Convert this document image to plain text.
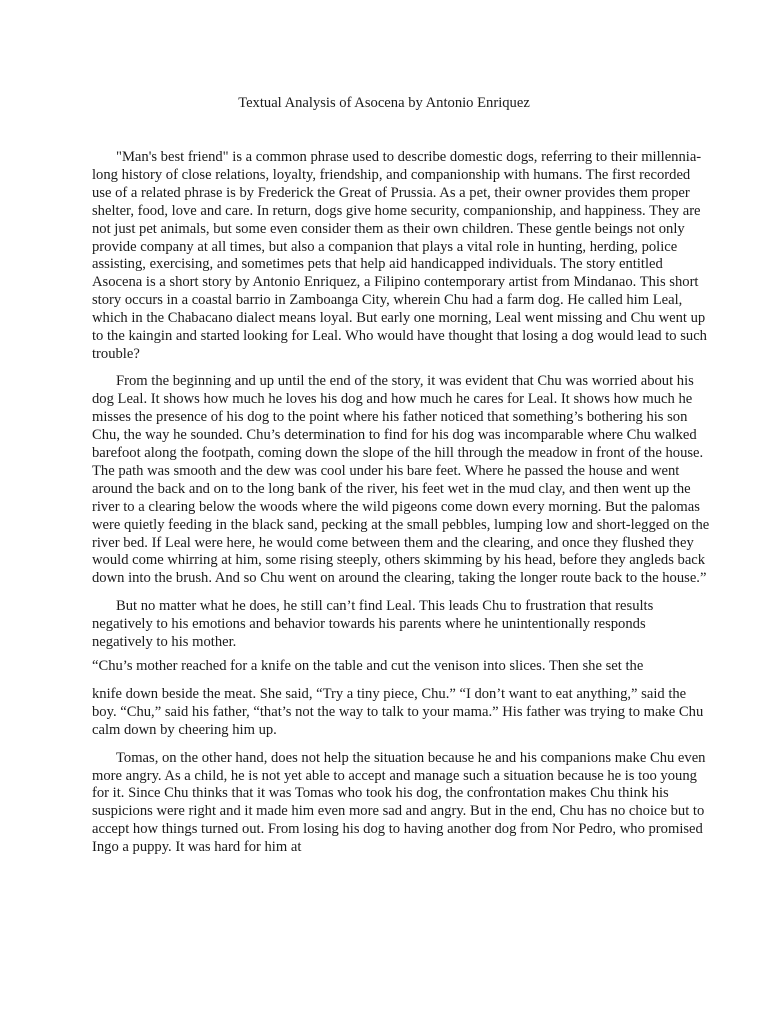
Textual Analysis of Asocena by Antonio Enriquez

"Man's best friend" is a common phrase used to describe domestic dogs, referring to their millennia-long history of close relations, loyalty, friendship, and companionship with humans. The first recorded use of a related phrase is by Frederick the Great of Prussia. As a pet, their owner provides them proper shelter, food, love and care. In return, dogs give home security, companionship, and happiness. They are not just pet animals, but some even consider them as their own children. These gentle beings not only provide company at all times, but also a companion that plays a vital role in hunting, herding, police assisting, exercising, and sometimes pets that help aid handicapped individuals. The story entitled Asocena is a short story by Antonio Enriquez, a Filipino contemporary artist from Mindanao. This short story occurs in a coastal barrio in Zamboanga City, wherein Chu had a farm dog. He called him Leal, which in the Chabacano dialect means loyal. But early one morning, Leal went missing and Chu went up to the kaingin and started looking for Leal. Who would have thought that losing a dog would lead to such trouble?

From the beginning and up until the end of the story, it was evident that Chu was worried about his dog Leal. It shows how much he loves his dog and how much he cares for Leal. It shows how much he misses the presence of his dog to the point where his father noticed that something’s bothering his son Chu, the way he sounded. Chu’s determination to find for his dog was incomparable where Chu walked barefoot along the footpath, coming down the slope of the hill through the meadow in front of the house. The path was smooth and the dew was cool under his bare feet. Where he passed the house and went around the back and on to the long bank of the river, his feet wet in the mud clay, and then went up the river to a clearing below the woods where the wild pigeons come down every morning. But the palomas were quietly feeding in the black sand, pecking at the small pebbles, lumping low and short-legged on the river bed. If Leal were here, he would come between them and the clearing, and once they flushed they would come whirring at him, some rising steeply, others skimming by his head, before they angleds back down into the brush. And so Chu went on around the clearing, taking the longer route back to the house.”

But no matter what he does, he still can’t find Leal. This leads Chu to frustration that results negatively to his emotions and behavior towards his parents where he unintentionally responds negatively to his mother.

“Chu’s mother reached for a knife on the table and cut the venison into slices. Then she set the

knife down beside the meat. She said, “Try a tiny piece, Chu.” “I don’t want to eat anything,” said the boy. “Chu,” said his father, “that’s not the way to talk to your mama.” His father was trying to make Chu calm down by cheering him up.

Tomas, on the other hand, does not help the situation because he and his companions make Chu even more angry. As a child, he is not yet able to accept and manage such a situation because he is too young for it. Since Chu thinks that it was Tomas who took his dog, the confrontation makes Chu think his suspicions were right and it made him even more sad and angry. But in the end, Chu has no choice but to accept how things turned out. From losing his dog to having another dog from Nor Pedro, who promised Ingo a puppy. It was hard for him at
